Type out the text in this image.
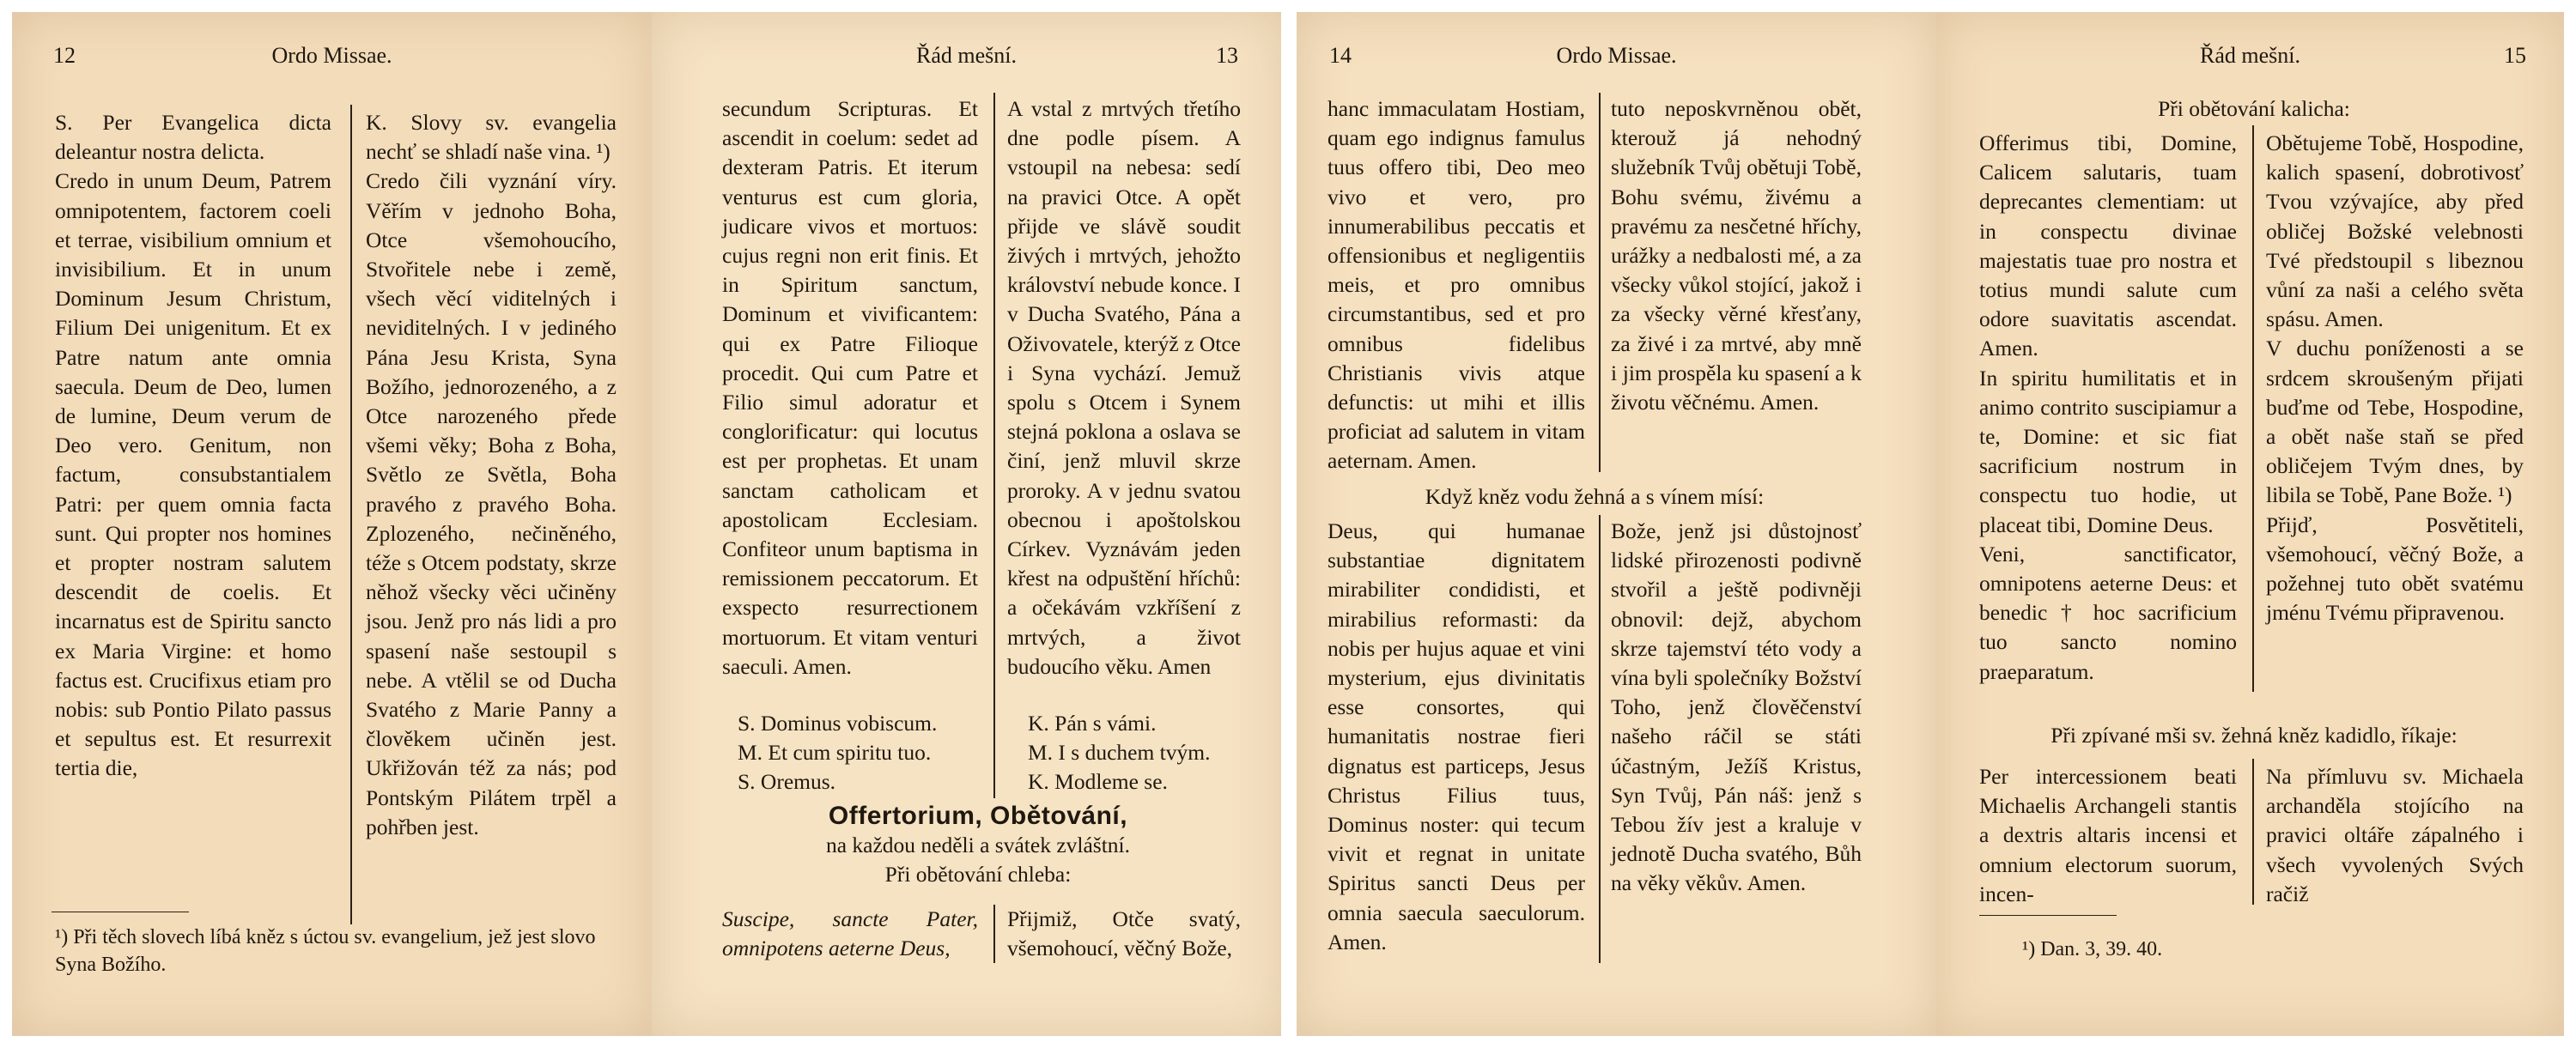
12	Ordo Missae.
S. Per Evangelica dicta deleantur nostra delicta.
Credo in unum Deum, Patrem omnipotentem, factorem coeli et terrae, visibilium omnium et invisibilium. Et in unum Dominum Jesum Christum, Filium Dei unigenitum. Et ex Patre natum ante omnia saecula. Deum de Deo, lumen de lumine, Deum verum de Deo vero. Genitum, non factum, consubstantialem Patri: per quem omnia facta sunt. Qui propter nos homines et propter nostram salutem descendit de coelis. Et incarnatus est de Spiritu sancto ex Maria Virgine: et homo factus est. Crucifixus etiam pro nobis: sub Pontio Pilato passus et sepultus est. Et resurrexit tertia die,
K. Slovy sv. evangelia nechť se shladí naše vina. ¹)
Credo čili vyznání víry. Věřím v jednoho Boha, Otce všemohoucího, Stvořitele nebe i země, všech věcí viditelných i neviditelných. I v jediného Pána Jesu Krista, Syna Božího, jednorozeného, a z Otce narozeného přede všemi věky; Boha z Boha, Světlo ze Světla, Boha pravého z pravého Boha. Zplozeného, nečiněného, téže s Otcem podstaty, skrze něhož všecky věci učiněny jsou. Jenž pro nás lidi a pro spasení naše sestoupil s nebe. A vtělil se od Ducha Svatého z Marie Panny a člověkem učiněn jest. Ukřižován též za nás; pod Pontským Pilátem trpěl a pohřben jest.
¹) Při těch slovech líbá kněz s úctou sv. evangelium, jež jest slovo Syna Božího.
Řád mešní.	13
secundum Scripturas. Et ascendit in coelum: sedet ad dexteram Patris. Et iterum venturus est cum gloria, judicare vivos et mortuos: cujus regni non erit finis. Et in Spiritum sanctum, Dominum et vivificantem: qui ex Patre Filioque procedit. Qui cum Patre et Filio simul adoratur et conglorificatur: qui locutus est per prophetas. Et unam sanctam catholicam et apostolicam Ecclesiam. Confiteor unum baptisma in remissionem peccatorum. Et exspecto resurrectionem mortuorum. Et vitam venturi saeculi. Amen.

S. Dominus vobiscum.

M. Et cum spiritu tuo.

S. Oremus.

A vstal z mrtvých třetího dne podle písem. A vstoupil na nebesa: sedí na pravici Otce. A opět přijde ve slávě soudit živých i mrtvých, jehožto království nebude konce. I v Ducha Svatého, Pána a Oživovatele, kterýž z Otce i Syna vychází. Jemuž spolu s Otcem i Synem stejná poklona a oslava se činí, jenž mluvil skrze proroky. A v jednu svatou obecnou i apoštolskou Církev. Vyznávám jeden křest na odpuštění hříchů: a očekávám vzkříšení z mrtvých, a život budoucího věku. Amen

K. Pán s vámi.

M. I s duchem tvým.

K. Modleme se.

Offertorium, Obětování,

na každou neděli a svátek zvláštní.

Při obětování chleba:

Suscipe, sancte Pater, omnipotens aeterne Deus,
Přijmiž, Otče svatý, všemohoucí, věčný Bože,
14	Ordo Missae.
hanc immaculatam Hostiam, quam ego indignus famulus tuus offero tibi, Deo meo vivo et vero, pro innumerabilibus peccatis et offensionibus et negligentiis meis, et pro omnibus circumstantibus, sed et pro omnibus fidelibus Christianis vivis atque defunctis: ut mihi et illis proficiat ad salutem in vitam aeternam. Amen.
tuto neposkvrněnou obět, kterouž já nehodný služebník Tvůj obětuji Tobě, Bohu svému, živému a pravému za nesčetné hříchy, urážky a nedbalosti mé, a za všecky vůkol stojící, jakož i za všecky věrné křesťany, za živé i za mrtvé, aby mně i jim prospěla ku spasení a k životu věčnému. Amen.
Když kněz vodu žehná a s vínem mísí:
Deus, qui humanae substantiae dignitatem mirabiliter condidisti, et mirabilius reformasti: da nobis per hujus aquae et vini mysterium, ejus divinitatis esse consortes, qui humanitatis nostrae fieri dignatus est particeps, Jesus Christus Filius tuus, Dominus noster: qui tecum vivit et regnat in unitate Spiritus sancti Deus per omnia saecula saeculorum. Amen.
Bože, jenž jsi důstojnosť lidské přirozenosti podivně stvořil a ještě podivněji obnovil: dejž, abychom skrze tajemství této vody a vína byli společníky Božství Toho, jenž člověčenství našeho ráčil se státi účastným, Ježíš Kristus, Syn Tvůj, Pán náš: jenž s Tebou žív jest a kraluje v jednotě Ducha svatého, Bůh na věky věkův. Amen.
Řád mešní.	15
Při obětování kalicha:

Offerimus tibi, Domine, Calicem salutaris, tuam deprecantes clementiam: ut in conspectu divinae majestatis tuae pro nostra et totius mundi salute cum odore suavitatis ascendat. Amen.

In spiritu humilitatis et in animo contrito suscipiamur a te, Domine: et sic fiat sacrificium nostrum in conspectu tuo hodie, ut placeat tibi, Domine Deus.

Veni, sanctificator, omnipotens aeterne Deus: et benedic † hoc sacrificium tuo sancto nomino praeparatum.

Obětujeme Tobě, Hospodine, kalich spasení, dobrotivosť Tvou vzývajíce, aby před obličej Božské velebnosti Tvé předstoupil s libeznou vůní za naši a celého světa spásu. Amen.

V duchu poníženosti a se srdcem skroušeným přijati buďme od Tebe, Hospodine, a obět naše staň se před obličejem Tvým dnes, by libila se Tobě, Pane Bože. ¹)

Přijď, Posvětiteli, všemohoucí, věčný Bože, a požehnej tuto obět svatému jménu Tvému připravenou.

Při zpívané mši sv. žehná kněz kadidlo, říkaje:
Per intercessionem beati Michaelis Archangeli stantis a dextris altaris incensi et omnium electorum suorum, incen-
Na přímluvu sv. Michaela archanděla stojícího na pravici oltáře zápalného i všech vyvolených Svých račiž
¹) Dan. 3, 39. 40.
